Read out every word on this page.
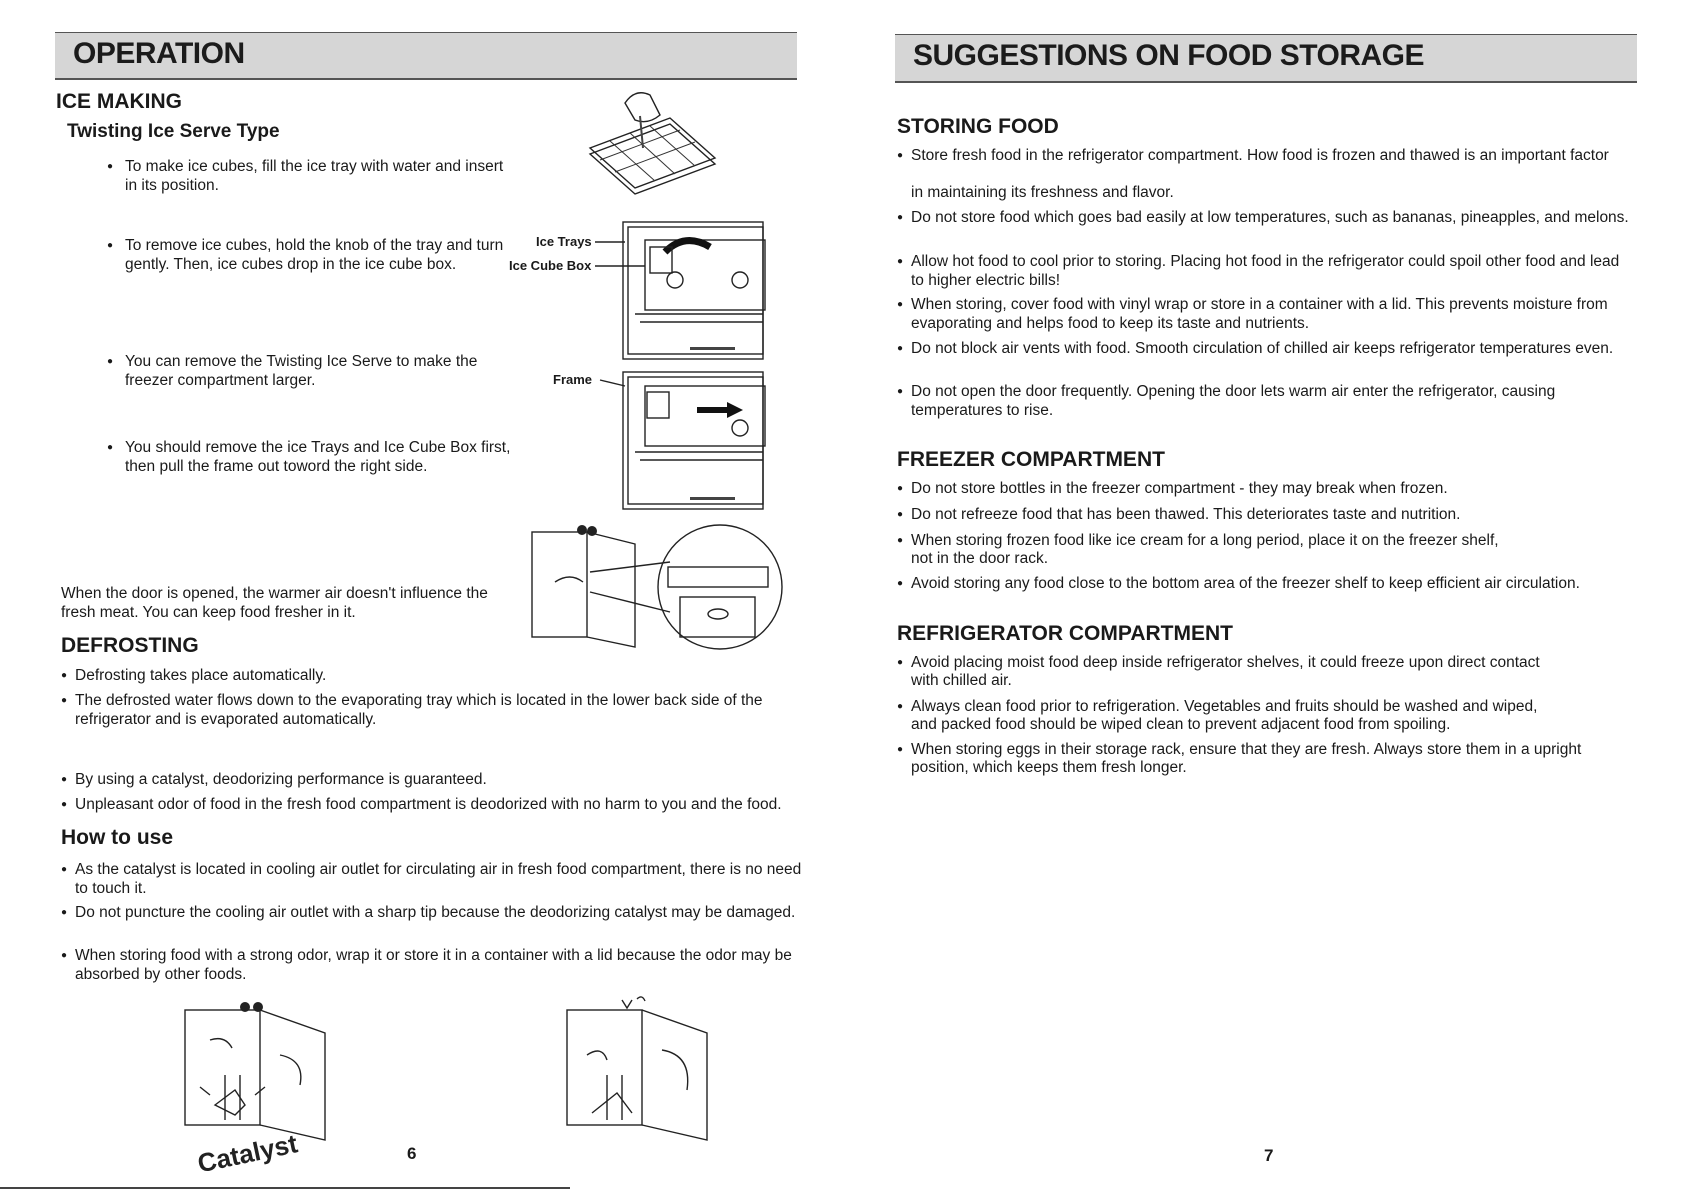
OPERATION
ICE MAKING
Twisting Ice Serve Type
● To make ice cubes, fill the ice tray with water and insert in its position.
● To remove ice cubes, hold the knob of the tray and turn gently. Then, ice cubes drop in the ice cube box.
● You can remove the Twisting Ice Serve to make the freezer compartment larger.
● You should remove the ice Trays and Ice Cube Box first, then pull the frame out toword the right side.
Ice Trays
Ice Cube Box
Frame
When the door is opened, the warmer air doesn't influence the fresh meat. You can keep food fresher in it.
DEFROSTING
● Defrosting takes place automatically.
● The defrosted water flows down to the evaporating tray which is located in the lower back side of the refrigerator and is evaporated automatically.
● By using a catalyst, deodorizing performance is guaranteed.
● Unpleasant odor of food in the fresh food compartment is deodorized with no harm to you and the food.
How to use
● As the catalyst is located in cooling air outlet for circulating air in fresh food compartment, there is no need to touch it.
● Do not puncture the cooling air outlet with a sharp tip because the deodorizing catalyst may be damaged.
● When storing food with a strong odor, wrap it or store it in a container with a lid because the odor may be absorbed by other foods.
Catalyst	6
SUGGESTIONS ON FOOD STORAGE
STORING FOOD
● Store fresh food in the refrigerator compartment. How food is frozen and thawed is an important factor
in maintaining its freshness and flavor.
● Do not store food which goes bad easily at low temperatures, such as bananas, pineapples, and melons.
● Allow hot food to cool prior to storing. Placing hot food in the refrigerator could spoil other food and lead to higher electric bills!
● When storing, cover food with vinyl wrap or store in a container with a lid. This prevents moisture from evaporating and helps food to keep its taste and nutrients.
● Do not block air vents with food. Smooth circulation of chilled air keeps refrigerator temperatures even.
● Do not open the door frequently. Opening the door lets warm air enter the refrigerator, causing temperatures to rise.
FREEZER COMPARTMENT
● Do not store bottles in the freezer compartment - they may break when frozen.
● Do not refreeze food that has been thawed. This deteriorates taste and nutrition.
● When storing frozen food like ice cream for a long period, place it on the freezer shelf,
not in the door rack.
● Avoid storing any food close to the bottom area of the freezer shelf to keep efficient air circulation.
REFRIGERATOR COMPARTMENT
● Avoid placing moist food deep inside refrigerator shelves, it could freeze upon direct contact
with chilled air.
● Always clean food prior to refrigeration. Vegetables and fruits should be washed and wiped,
and packed food should be wiped clean to prevent adjacent food from spoiling.
● When storing eggs in their storage rack, ensure that they are fresh. Always store them in a upright
position, which keeps them fresh longer.
7
